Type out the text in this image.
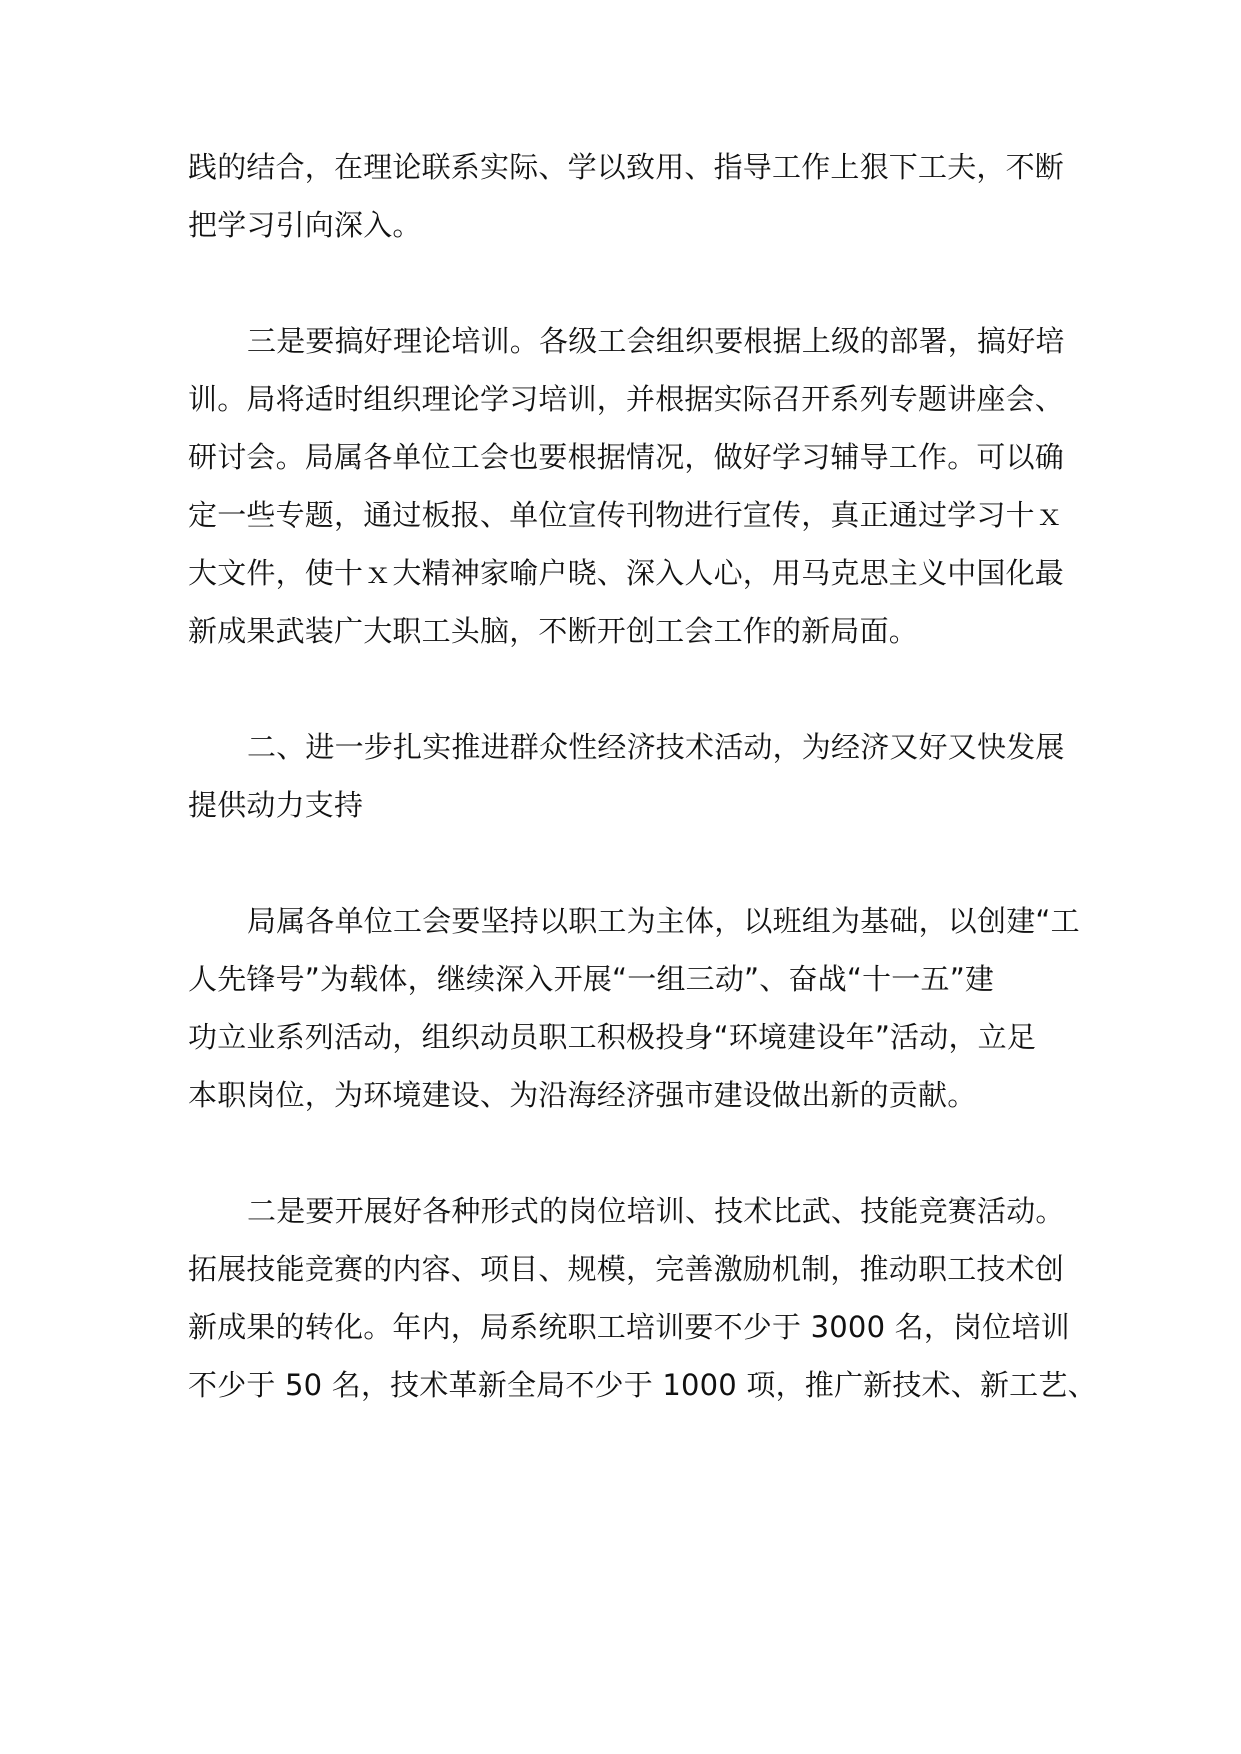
践的结合，在理论联系实际、学以致用、指导工作上狠下工夫，不断
把学习引向深入。
三是要搞好理论培训。各级工会组织要根据上级的部署，搞好培
训。局将适时组织理论学习培训，并根据实际召开系列专题讲座会、
研讨会。局属各单位工会也要根据情况，做好学习辅导工作。可以确
定一些专题，通过板报、单位宣传刊物进行宣传，真正通过学习十ｘ
大文件，使十ｘ大精神家喻户晓、深入人心，用马克思主义中国化最
新成果武装广大职工头脑，不断开创工会工作的新局面。
二、进一步扎实推进群众性经济技术活动，为经济又好又快发展
提供动力支持
局属各单位工会要坚持以职工为主体，以班组为基础，以创建“工
人先锋号”为载体，继续深入开展“一组三动”、奋战“十一五”建
功立业系列活动，组织动员职工积极投身“环境建设年”活动，立足
本职岗位，为环境建设、为沿海经济强市建设做出新的贡献。
二是要开展好各种形式的岗位培训、技术比武、技能竞赛活动。
拓展技能竞赛的内容、项目、规模，完善激励机制，推动职工技术创
新成果的转化。年内，局系统职工培训要不少于 3000 名，岗位培训
不少于 50 名，技术革新全局不少于 1000 项，推广新技术、新工艺、
